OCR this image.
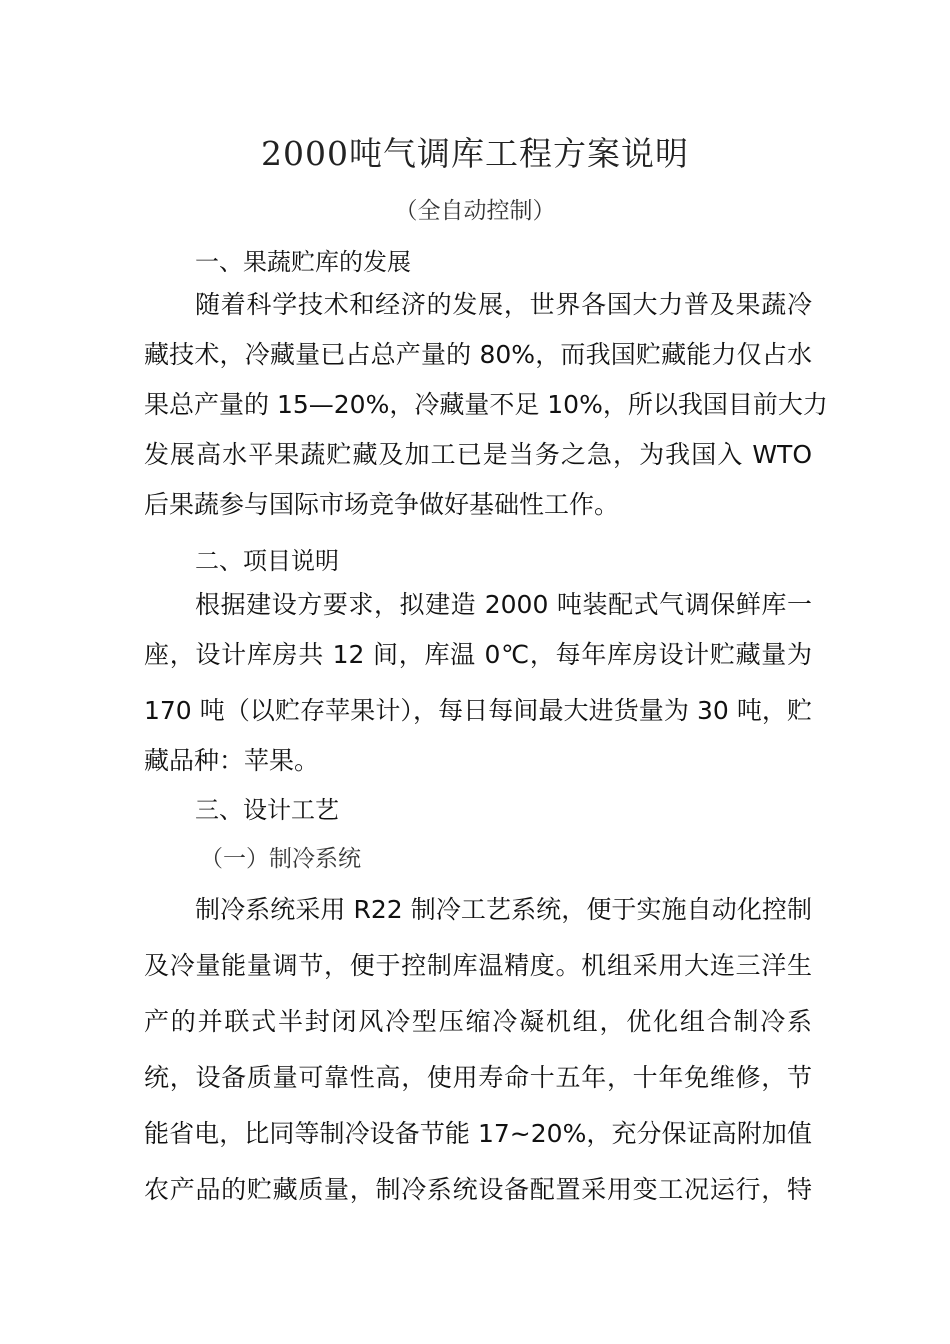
2000吨气调库工程方案说明
（全自动控制）
一、果蔬贮库的发展
随着科学技术和经济的发展，世界各国大力普及果蔬冷
藏技术，冷藏量已占总产量的 80%，而我国贮藏能力仅占水
果总产量的 15—20%，冷藏量不足 10%，所以我国目前大力
发展高水平果蔬贮藏及加工已是当务之急，为我国入 WTO
后果蔬参与国际市场竞争做好基础性工作。
二、项目说明
根据建设方要求，拟建造 2000 吨装配式气调保鲜库一
座，设计库房共 12 间，库温 0℃，每年库房设计贮藏量为
170 吨（以贮存苹果计），每日每间最大进货量为 30 吨，贮
藏品种：苹果。
三、设计工艺
（一）制冷系统
制冷系统采用 R22 制冷工艺系统，便于实施自动化控制
及冷量能量调节，便于控制库温精度。机组采用大连三洋生
产的并联式半封闭风冷型压缩冷凝机组，优化组合制冷系
统，设备质量可靠性高，使用寿命十五年，十年免维修，节
能省电，比同等制冷设备节能 17~20%，充分保证高附加值
农产品的贮藏质量，制冷系统设备配置采用变工况运行，特
